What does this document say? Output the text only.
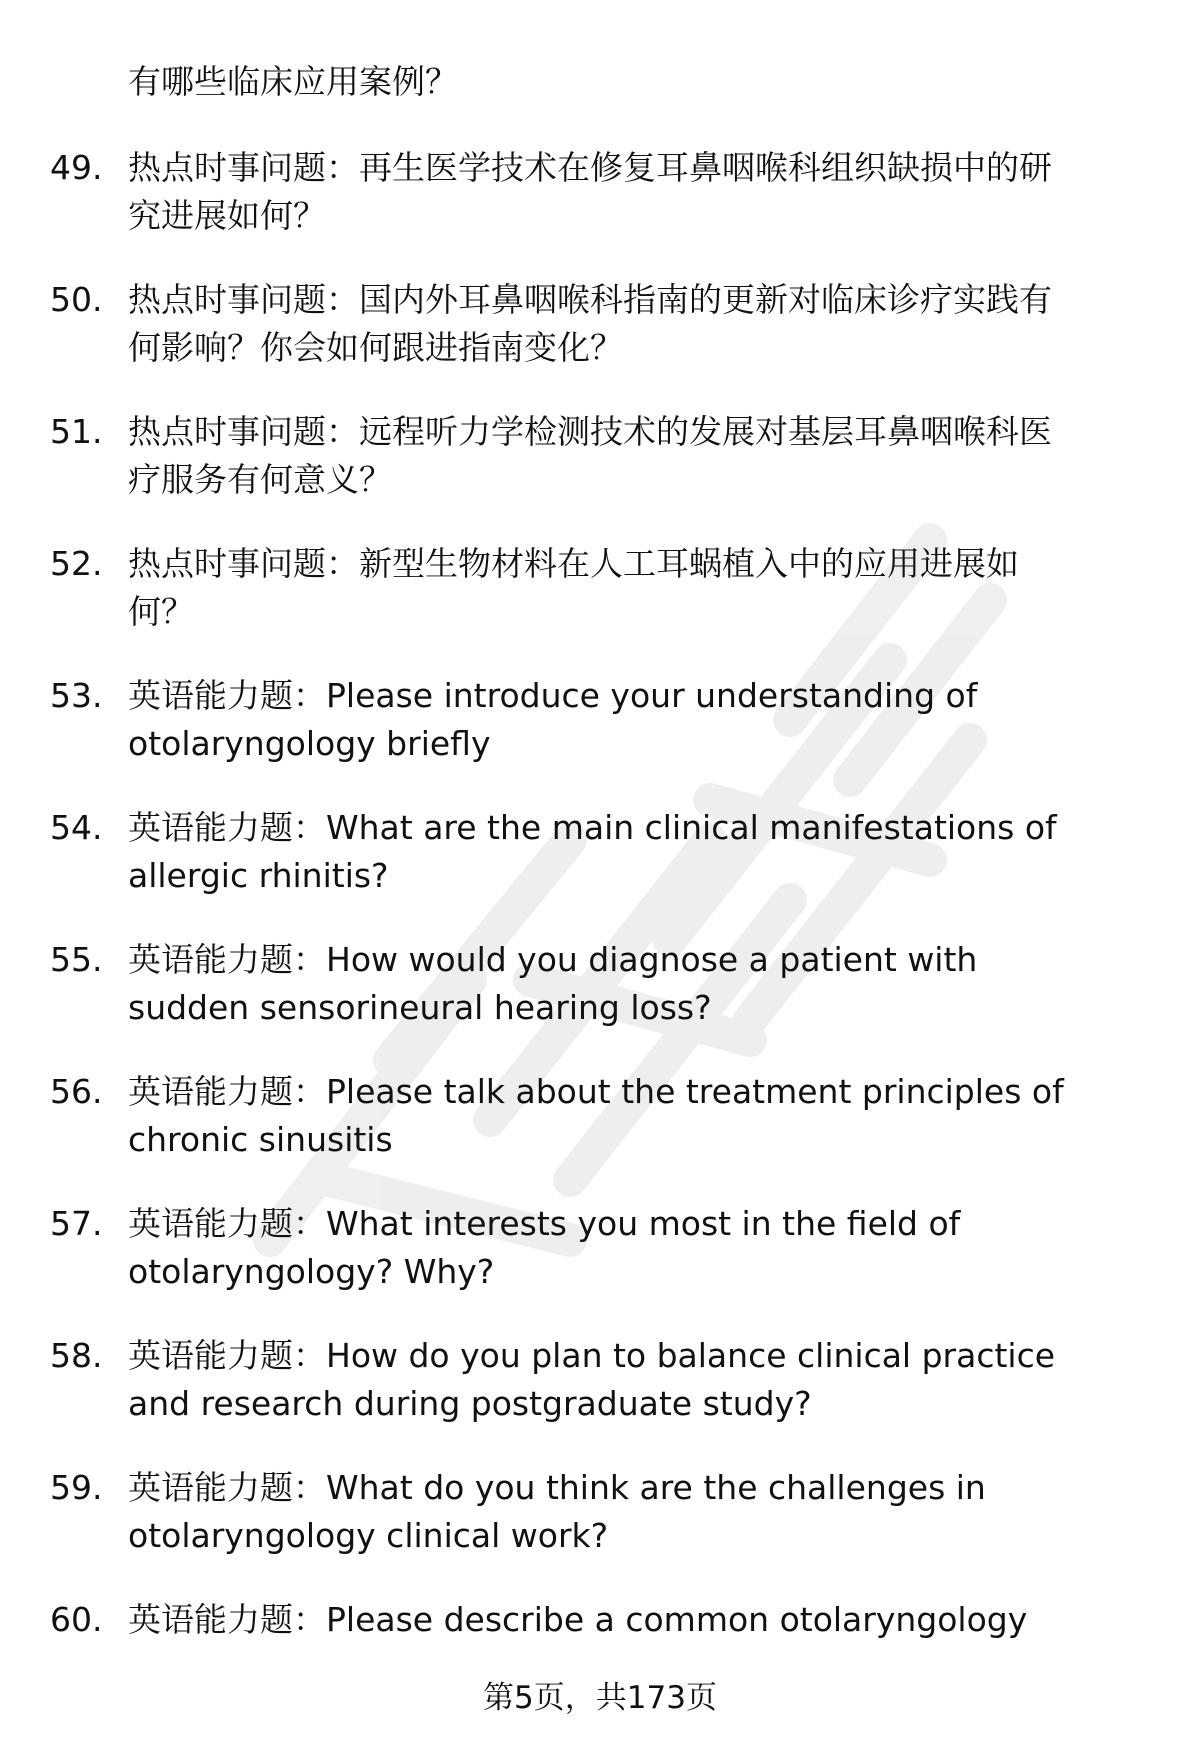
有哪些临床应用案例？
49. 热点时事问题：再生医学技术在修复耳鼻咽喉科组织缺损中的研
究进展如何？
50. 热点时事问题：国内外耳鼻咽喉科指南的更新对临床诊疗实践有
何影响？你会如何跟进指南变化？
51. 热点时事问题：远程听力学检测技术的发展对基层耳鼻咽喉科医
疗服务有何意义？
52. 热点时事问题：新型生物材料在人工耳蜗植入中的应用进展如
何？
53. 英语能力题：Please introduce your understanding of
otolaryngology briefly
54. 英语能力题：What are the main clinical manifestations of
allergic rhinitis?
55. 英语能力题：How would you diagnose a patient with
sudden sensorineural hearing loss?
56. 英语能力题：Please talk about the treatment principles of
chronic sinusitis
57. 英语能力题：What interests you most in the field of
otolaryngology? Why?
58. 英语能力题：How do you plan to balance clinical practice
and research during postgraduate study?
59. 英语能力题：What do you think are the challenges in
otolaryngology clinical work?
60. 英语能力题：Please describe a common otolaryngology
第5页，共173页
